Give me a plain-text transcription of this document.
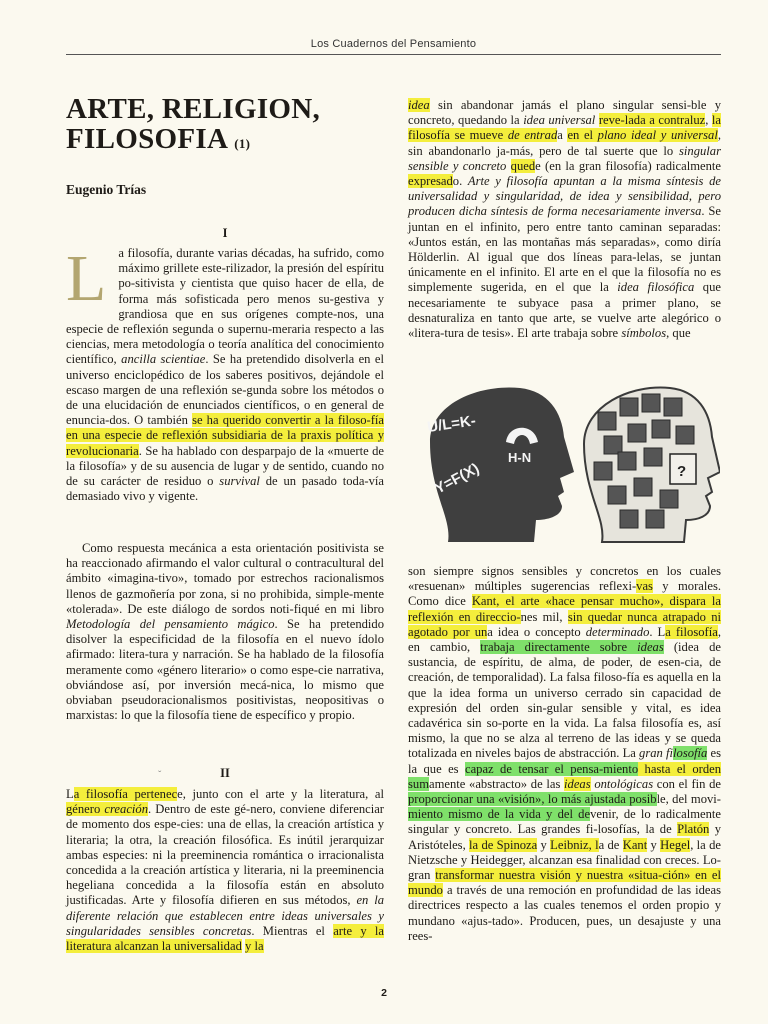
Los Cuadernos del Pensamiento
ARTE, RELIGION, FILOSOFIA (1)
Eugenio Trías
I

La filosofía, durante varias décadas, ha sufrido, como máximo grillete este-rilizador, la presión del espíritu po-sitivista y cientista que quiso hacer de ella, de forma más sofisticada pero menos su-gestiva y grandiosa que en sus orígenes compte-nos, una especie de reflexión segunda o supernu-meraria respecto a las ciencias, mera metodología o teoría analítica del conocimiento científico, ancilla scientiae. Se ha pretendido disolverla en el universo enciclopédico de los saberes positivos, dejándole el escaso margen de una reflexión se-gunda sobre los métodos o de una elucidación de enunciados científicos, o en general de enuncia-dos. O también se ha querido convertir a la filoso-fía en una especie de reflexión subsidiaria de la praxis política y revolucionaria. Se ha hablado con desparpajo de la «muerte de la filosofía» y de su ausencia de lugar y de sentido, cuando no de su carácter de residuo o survival de un pasado toda-vía demasiado vivo y vigente.

Como respuesta mecánica a esta orientación positivista se ha reaccionado afirmando el valor cultural o contracultural del ámbito «imagina-tivo», tomado por estrechos racionalismos llenos de gazmoñería por zona, si no prohibida, simple-mente «tolerada». De este diálogo de sordos noti-fiqué en mi libro Metodología del pensamiento mágico. Se ha pretendido disolver la especificidad de la filosofía en el nuevo ídolo afirmado: litera-tura y narración. Se ha hablado de la filosofía meramente como «género literario» o como espe-cie narrativa, obviándose así, por inversión mecá-nica, lo mismo que obviaban pseudoracionalismos positivistas, neopositivas o marxistas: lo que la filosofía tiene de específico y propio.

ˇ	II

La filosofía pertenece, junto con el arte y la literatura, al género creación. Dentro de este gé-nero, conviene diferenciar de momento dos espe-cies: una de ellas, la creación artística y literaria; la otra, la creación filosófica. Es inútil jerarquizar ambas especies: ni la preeminencia romántica o irracionalista concedida a la creación artística y literaria, ni la preeminencia hegeliana concedida a la filosofía están en absoluto justificadas. Arte y filosofía difieren en sus métodos, en la diferente relación que establecen entre ideas universales y singularidades sensibles concretas. Mientras el arte y la literatura alcanzan la universalidad y la

idea sin abandonar jamás el plano singular sensi-ble y concreto, quedando la idea universal reve-lada a contraluz, la filosofía se mueve de entrada en el plano ideal y universal, sin abandonarlo ja-más, pero de tal suerte que lo singular sensible y concreto quede (en la gran filosofía) radicalmente expresado. Arte y filosofía apuntan a la misma síntesis de universalidad y singularidad, de idea y sensibilidad, pero producen dicha síntesis de forma necesariamente inversa. Se juntan en el infinito, pero entre tanto caminan separadas: «Juntos están, en las montañas más separadas», como diría Hölderlin. Al igual que dos líneas para-lelas, se juntan únicamente en el infinito. El arte en el que la filosofía no es simplemente sugerida, en el que la idea filosófica que necesariamente te subyace pasa a primer plano, se desnaturaliza en tanto que arte, se vuelve arte alegórico o «litera-tura de tesis». El arte trabaja sobre símbolos, que

U/L=K-
Y=F(X)
H-N
?

son siempre signos sensibles y concretos en los cuales «resuenan» múltiples sugerencias reflexi-vas y morales. Como dice Kant, el arte «hace pensar mucho», dispara la reflexión en direccio-nes mil, sin quedar nunca atrapado ni agotado por una idea o concepto determinado. La filosofía, en cambio, trabaja directamente sobre ideas (idea de sustancia, de espíritu, de alma, de poder, de esen-cia, de creación, de temporalidad). La falsa filoso-fía es aquella en la que la idea forma un universo cerrado sin capacidad de expresión del orden sin-gular sensible y vital, es idea cadavérica sin so-porte en la vida. La falsa filosofía es, así mismo, la que no se alza al terreno de las ideas y se queda totalizada en niveles bajos de abstracción. La gran filosofía es la que es capaz de tensar el pensa-miento hasta el orden sumamente «abstracto» de las ideas ontológicas con el fin de proporcionar una «visión», lo más ajustada posible, del movi-miento mismo de la vida y del devenir, de lo radicalmente singular y concreto. Las grandes fi-losofías, la de Platón y Aristóteles, la de Spinoza y Leibniz, la de Kant y Hegel, la de Nietzsche y Heidegger, alcanzan esa finalidad con creces. Lo-gran transformar nuestra visión y nuestra «situa-ción» en el mundo a través de una remoción en profundidad de las ideas directrices respecto a las cuales tenemos el orden propio y mundano «ajus-tado». Producen, pues, un desajuste y una rees-

2
